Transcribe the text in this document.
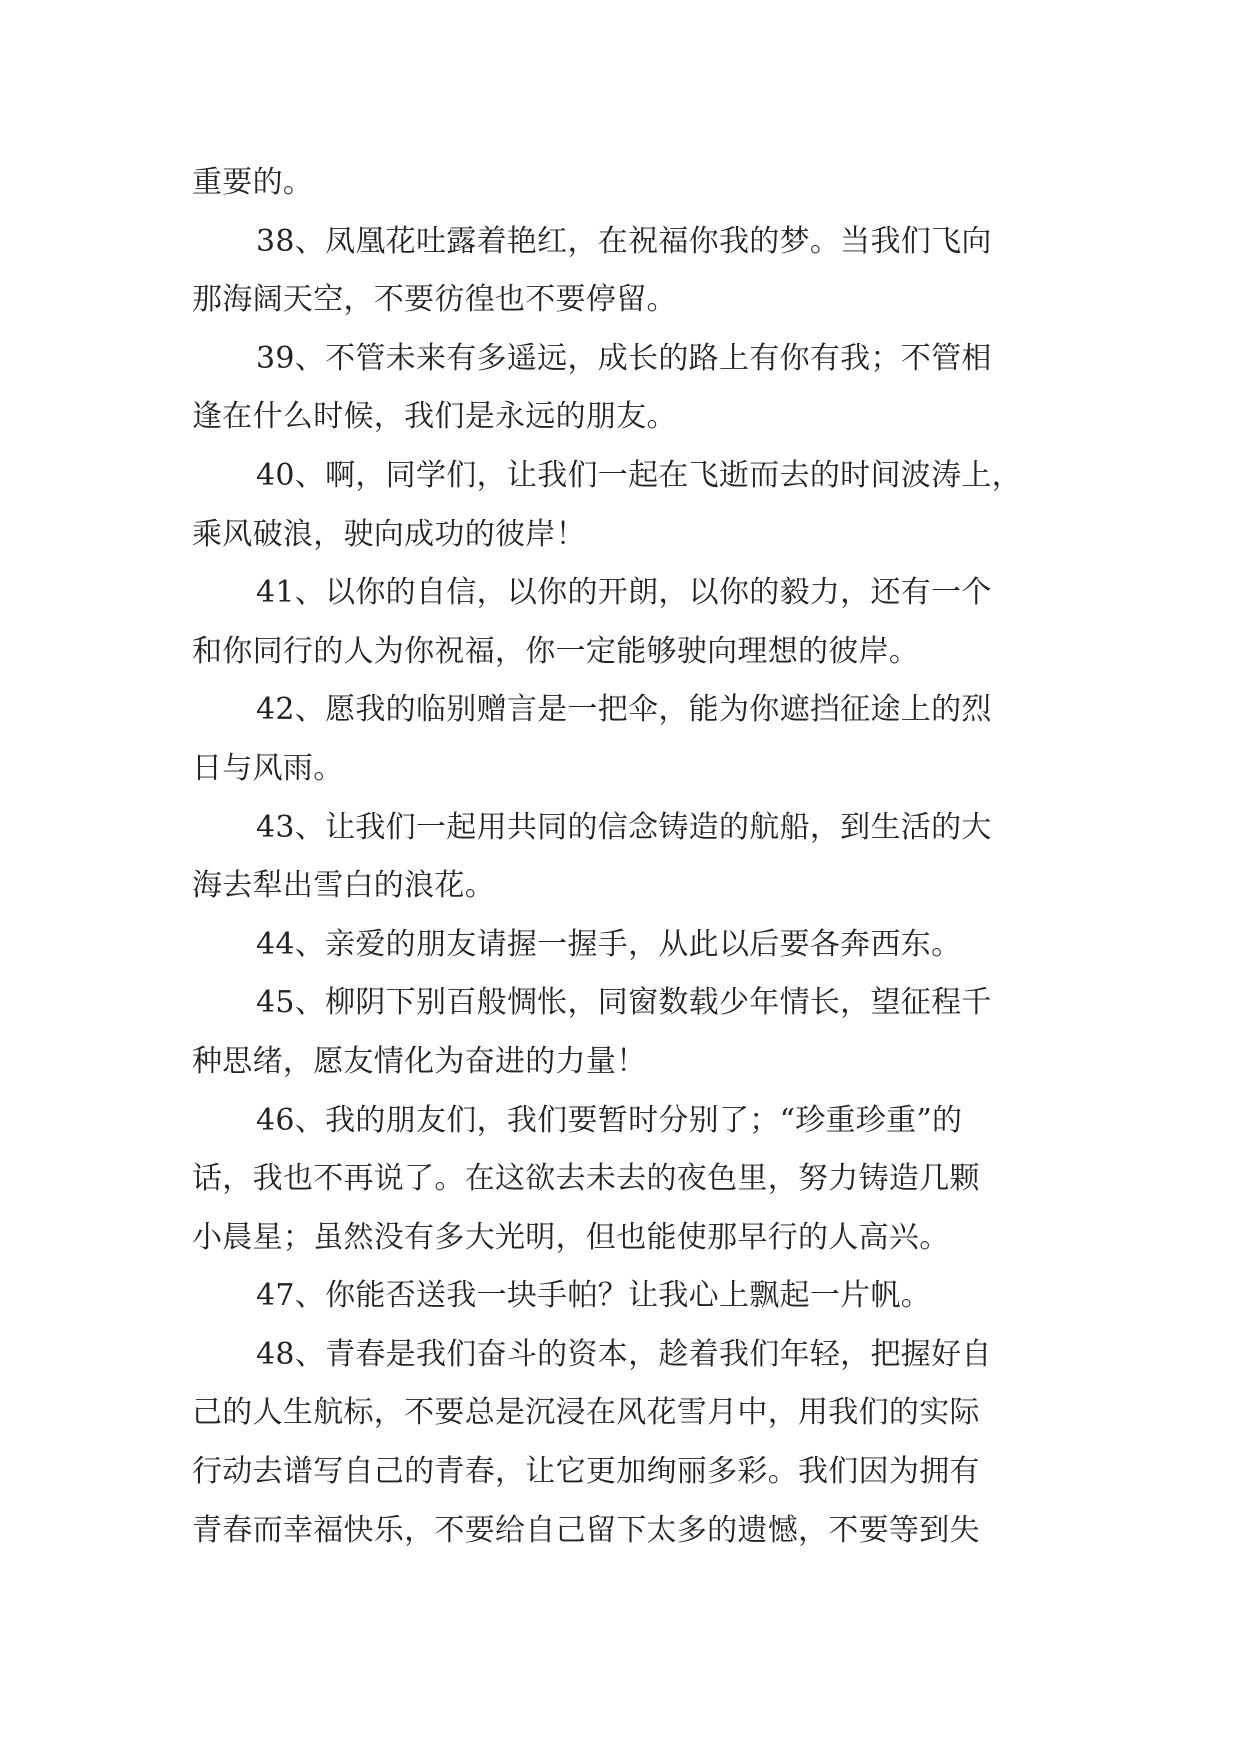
重要的。
38、凤凰花吐露着艳红，在祝福你我的梦。当我们飞向
那海阔天空，不要彷徨也不要停留。
39、不管未来有多遥远，成长的路上有你有我；不管相
逢在什么时候，我们是永远的朋友。
40、啊，同学们，让我们一起在飞逝而去的时间波涛上，
乘风破浪，驶向成功的彼岸！
41、以你的自信，以你的开朗，以你的毅力，还有一个
和你同行的人为你祝福，你一定能够驶向理想的彼岸。
42、愿我的临别赠言是一把伞，能为你遮挡征途上的烈
日与风雨。
43、让我们一起用共同的信念铸造的航船，到生活的大
海去犁出雪白的浪花。
44、亲爱的朋友请握一握手，从此以后要各奔西东。
45、柳阴下别百般惆怅，同窗数载少年情长，望征程千
种思绪，愿友情化为奋进的力量！
46、我的朋友们，我们要暂时分别了；“珍重珍重”的
话，我也不再说了。在这欲去未去的夜色里，努力铸造几颗
小晨星；虽然没有多大光明，但也能使那早行的人高兴。
47、你能否送我一块手帕？让我心上飘起一片帆。
48、青春是我们奋斗的资本，趁着我们年轻，把握好自
己的人生航标，不要总是沉浸在风花雪月中，用我们的实际
行动去谱写自己的青春，让它更加绚丽多彩。我们因为拥有
青春而幸福快乐，不要给自己留下太多的遗憾，不要等到失
